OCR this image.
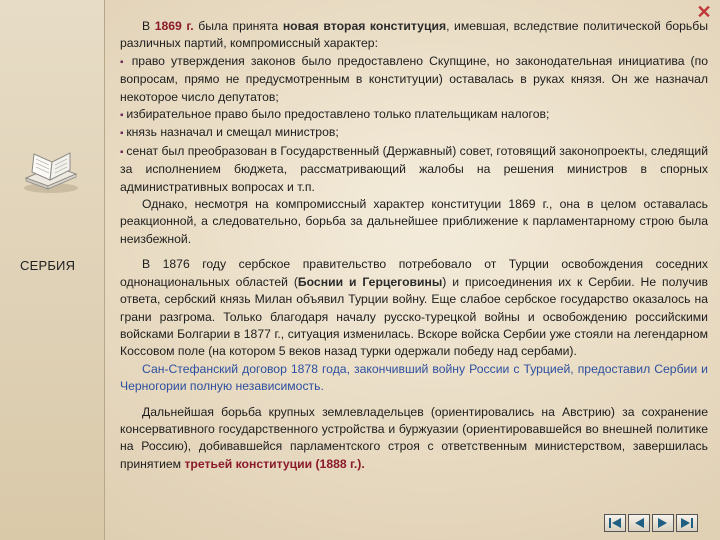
СЕРБИЯ
✕

В 1869 г. была принята новая вторая конституция, имевшая, вследствие политической борьбы различных партий, компромиссный характер:

▪ право утверждения законов было предоставлено Скупщине, но законодательная инициатива (по вопросам, прямо не предусмотренным в конституции) оставалась в руках князя. Он же назначал некоторое число депутатов;

▪ избирательное право было предоставлено только плательщикам налогов;

▪ князь назначал и смещал министров;

▪ сенат был преобразован в Государственный (Державный) совет, готовящий законопроекты, следящий за исполнением бюджета, рассматривающий жалобы на решения министров в спорных административных вопросах и т.п.

Однако, несмотря на компромиссный характер конституции 1869 г., она в целом оставалась реакционной, а следовательно, борьба за дальнейшее приближение к парламентарному строю была неизбежной.

В 1876 году сербское правительство потребовало от Турции освобождения соседних однонациональных областей (Боснии и Герцеговины) и присоединения их к Сербии. Не получив ответа, сербский князь Милан объявил Турции войну. Еще слабое сербское государство оказалось на грани разгрома. Только благодаря началу русско-турецкой войны и освобождению российскими войсками Болгарии в 1877 г., ситуация изменилась. Вскоре войска Сербии уже стояли на легендарном Коссовом поле (на котором 5 веков назад турки одержали победу над сербами).

Сан-Стефанский договор 1878 года, закончивший войну России с Турцией, предоставил Сербии и Черногории полную независимость.

Дальнейшая борьба крупных землевладельцев (ориентировались на Австрию) за сохранение консервативного государственного устройства и буржуазии (ориентировавшейся во внешней политике на Россию), добивавшейся парламентского строя с ответственным министерством, завершилась принятием третьей конституции (1888 г.).
